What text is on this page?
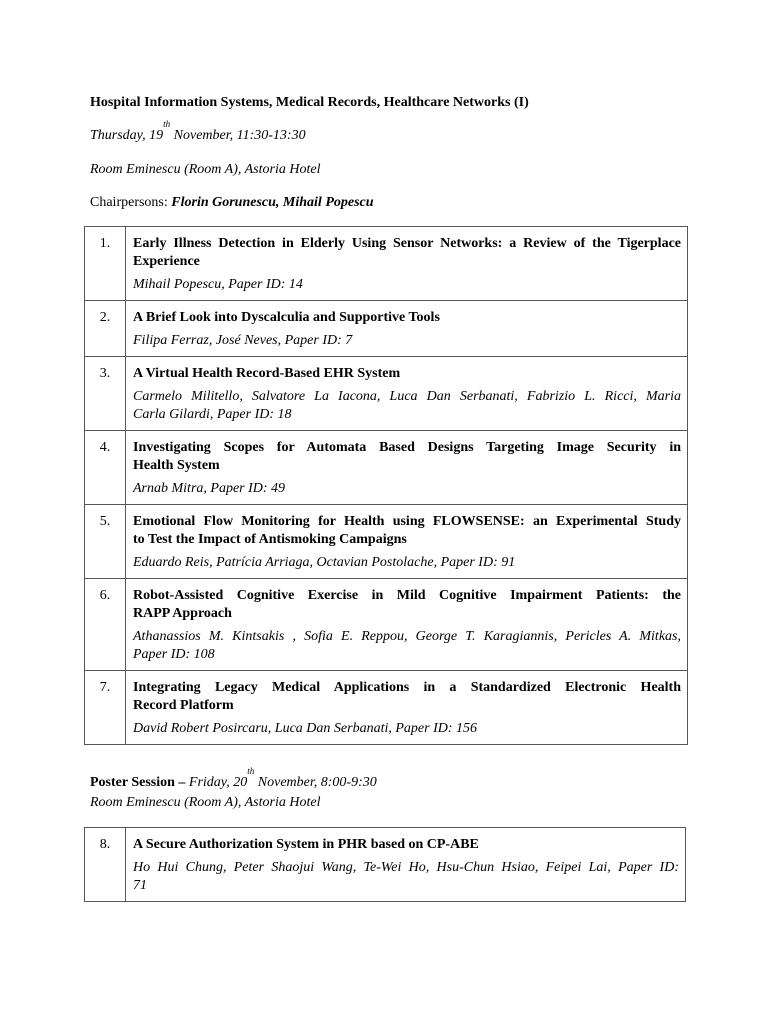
Hospital Information Systems, Medical Records, Healthcare Networks (I)
Thursday, 19th November, 11:30-13:30
Room Eminescu (Room A), Astoria Hotel
Chairpersons: Florin Gorunescu, Mihail Popescu
1.	Early Illness Detection in Elderly Using Sensor Networks: a Review of the Tigerplace
Experience
Mihail Popescu, Paper ID: 14

2.	A Brief Look into Dyscalculia and Supportive Tools
Filipa Ferraz, José Neves, Paper ID: 7

3.	A Virtual Health Record-Based EHR System
Carmelo Militello, Salvatore La Iacona, Luca Dan Serbanati, Fabrizio L. Ricci, Maria
Carla Gilardi, Paper ID: 18

4.	Investigating Scopes for Automata Based Designs Targeting Image Security in
Health System
Arnab Mitra, Paper ID: 49

5.	Emotional Flow Monitoring for Health using FLOWSENSE: an Experimental Study
to Test the Impact of Antismoking Campaigns
Eduardo Reis, Patrícia Arriaga, Octavian Postolache, Paper ID: 91

6.	Robot-Assisted Cognitive Exercise in Mild Cognitive Impairment Patients: the
RAPP Approach
Athanassios M. Kintsakis , Sofia E. Reppou, George T. Karagiannis, Pericles A. Mitkas,
Paper ID: 108

7.	Integrating Legacy Medical Applications in a Standardized Electronic Health
Record Platform
David Robert Posircaru, Luca Dan Serbanati, Paper ID: 156
Poster Session – Friday, 20th November, 8:00-9:30
Room Eminescu (Room A), Astoria Hotel
8.	A Secure Authorization System in PHR based on CP-ABE
Ho Hui Chung, Peter Shaojui Wang, Te-Wei Ho, Hsu-Chun Hsiao, Feipei Lai, Paper ID:
71
